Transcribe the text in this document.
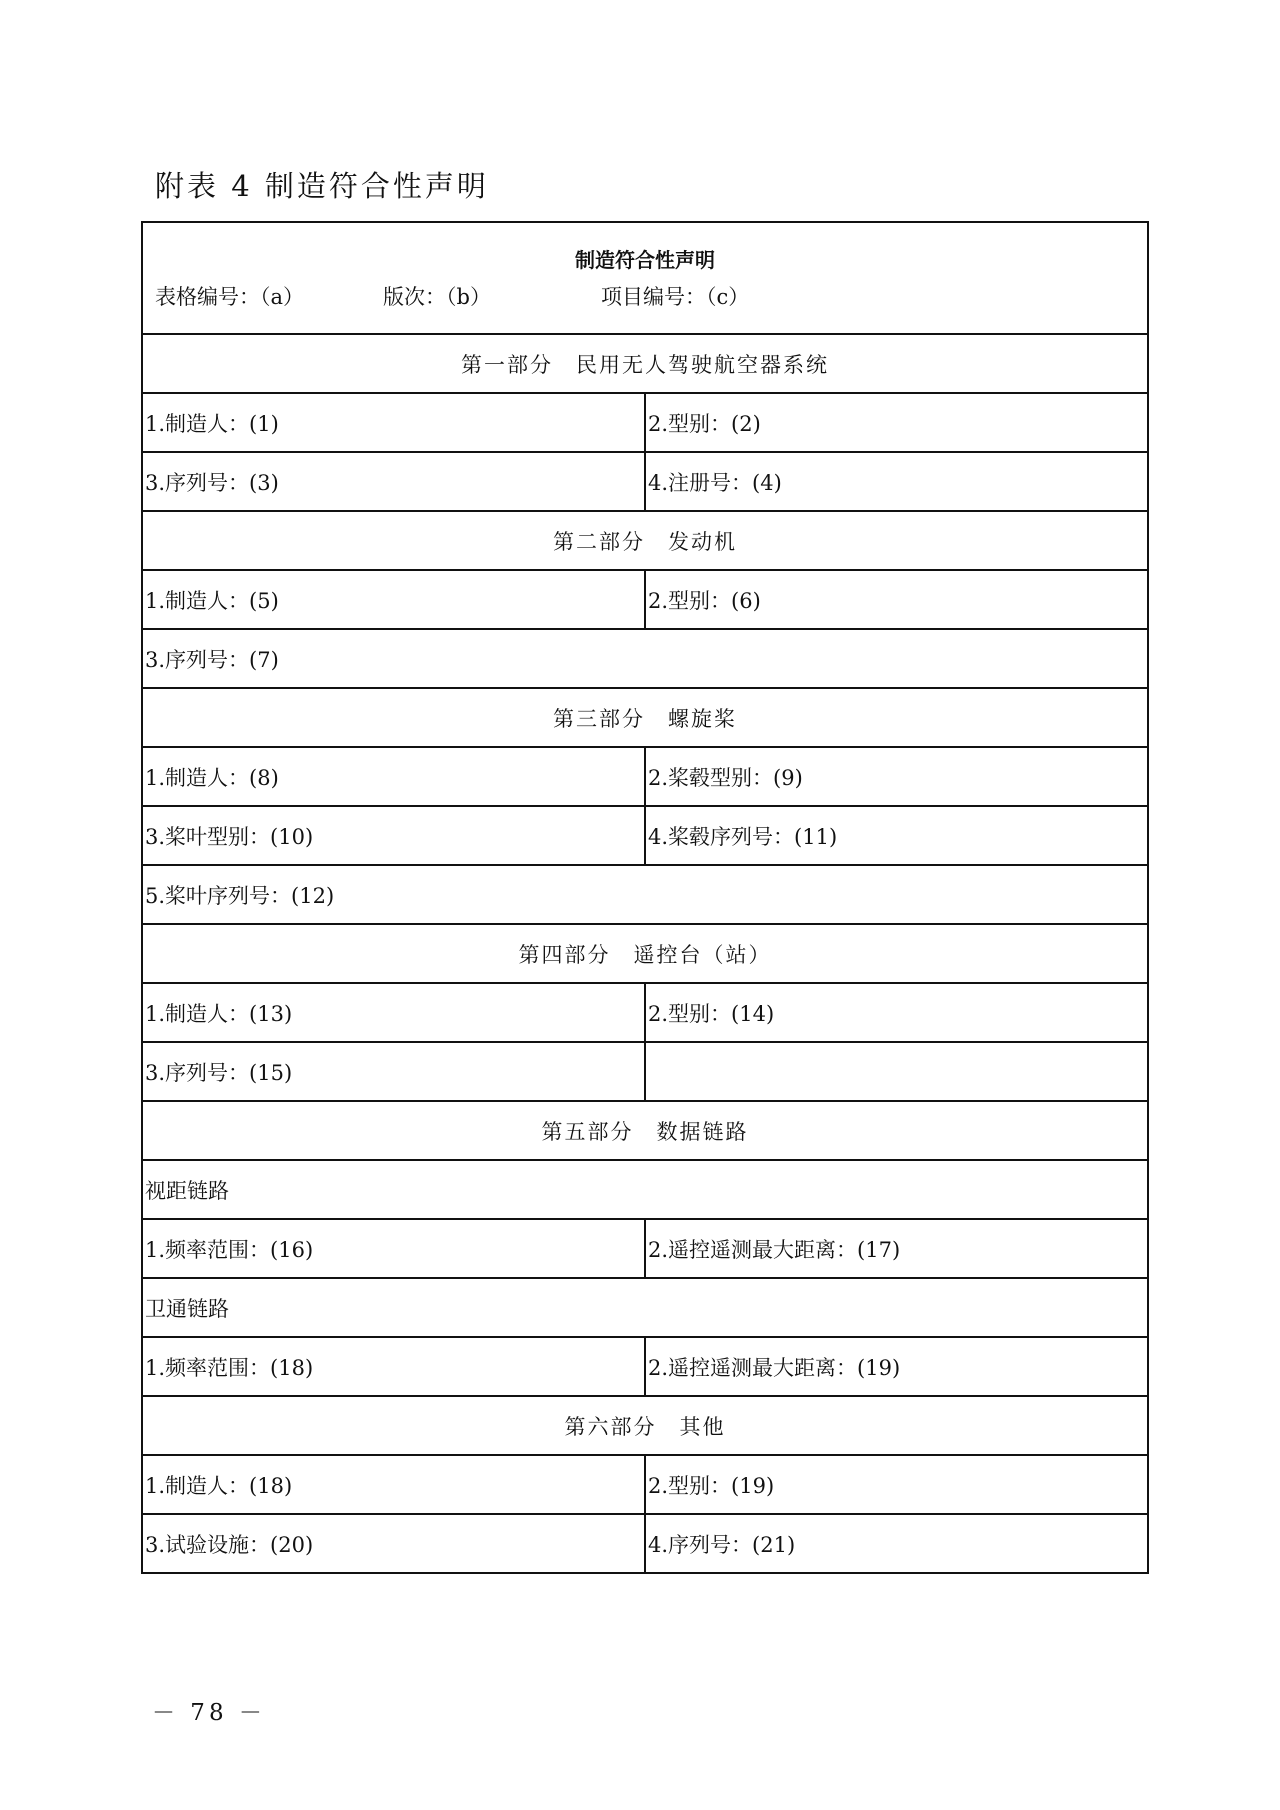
附表 4 制造符合性声明
制造符合性声明
表格编号：（a） 版次：（b） 项目编号：（c）	

第一部分　民用无人驾驶航空器系统	
1.制造人：(1)	2.型别：(2)
3.序列号：(3)	4.注册号：(4)
第二部分　发动机	
1.制造人：(5)	2.型别：(6)
3.序列号：(7)	
第三部分　螺旋桨	
1.制造人：(8)	2.桨毂型别：(9)
3.桨叶型别：(10)	4.桨毂序列号：(11)
5.桨叶序列号：(12)	
第四部分　遥控台（站）	
1.制造人：(13)	2.型别：(14)
3.序列号：(15)	
第五部分　数据链路	
视距链路	
1.频率范围：(16)	2.遥控遥测最大距离：(17)
卫通链路	
1.频率范围：(18)	2.遥控遥测最大距离：(19)
第六部分　其他	
1.制造人：(18)	2.型别：(19)
3.试验设施：(20)	4.序列号：(21)
－ 78 －
